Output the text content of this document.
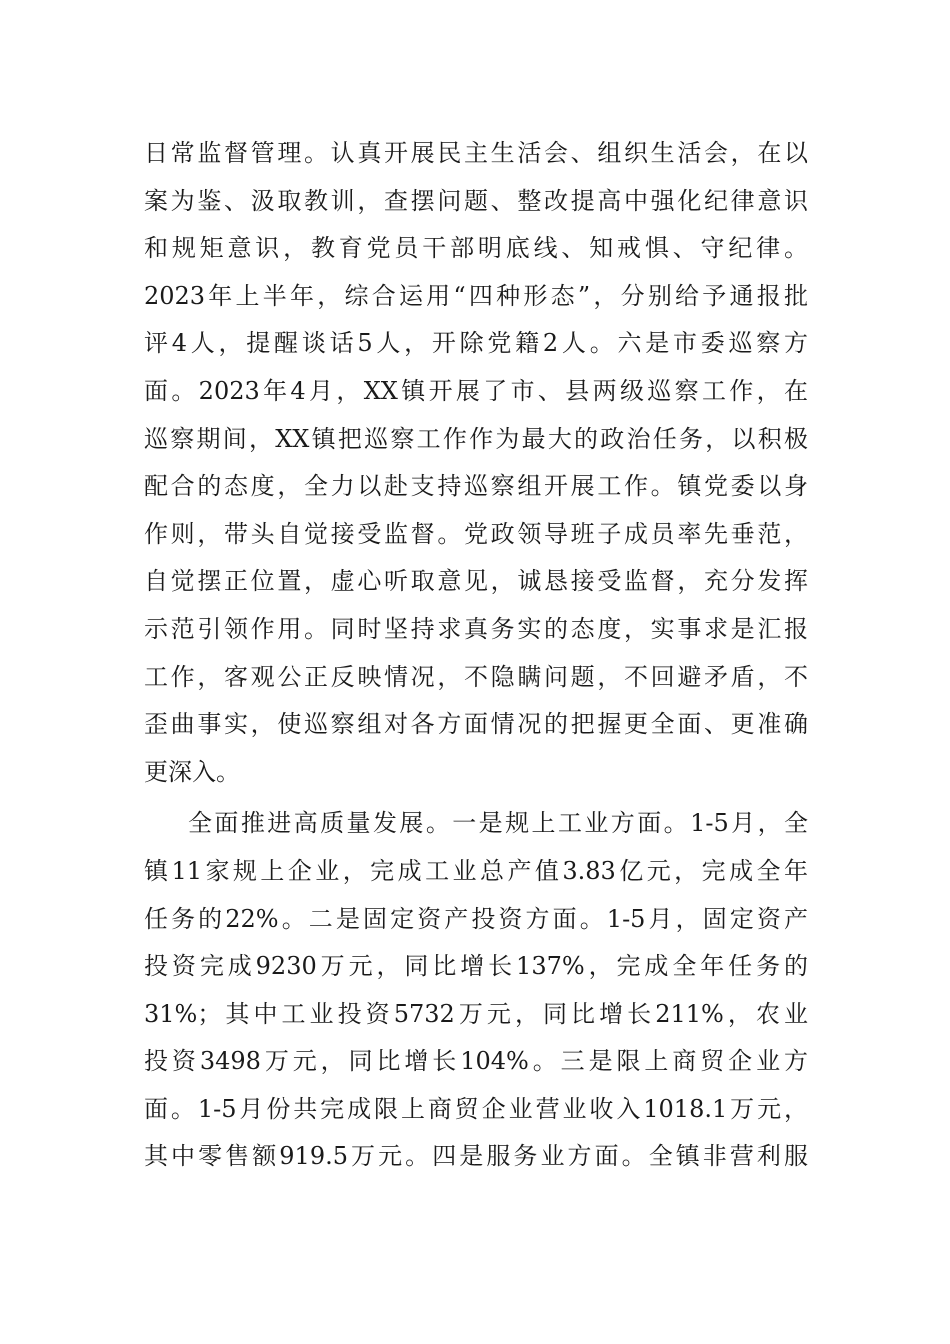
日常监督管理。认真开展民主生活会、组织生活会，在以
案为鉴、汲取教训，查摆问题、整改提高中强化纪律意识
和规矩意识，教育党员干部明底线、知戒惧、守纪律。
2023年上半年，综合运用“四种形态”，分别给予通报批
评4人，提醒谈话5人，开除党籍2人。六是市委巡察方
面。2023年4月，XX镇开展了市、县两级巡察工作，在
巡察期间，XX镇把巡察工作作为最大的政治任务，以积极
配合的态度，全力以赴支持巡察组开展工作。镇党委以身
作则，带头自觉接受监督。党政领导班子成员率先垂范，
自觉摆正位置，虚心听取意见，诚恳接受监督，充分发挥
示范引领作用。同时坚持求真务实的态度，实事求是汇报
工作，客观公正反映情况，不隐瞒问题，不回避矛盾，不
歪曲事实，使巡察组对各方面情况的把握更全面、更准确
更深入。
全面推进高质量发展。一是规上工业方面。1-5月，全
镇11家规上企业，完成工业总产值3.83亿元，完成全年
任务的22%。二是固定资产投资方面。1-5月，固定资产
投资完成9230万元，同比增长137%，完成全年任务的
31%；其中工业投资5732万元，同比增长211%，农业
投资3498万元，同比增长104%。三是限上商贸企业方
面。1-5月份共完成限上商贸企业营业收入1018.1万元，
其中零售额919.5万元。四是服务业方面。全镇非营利服
